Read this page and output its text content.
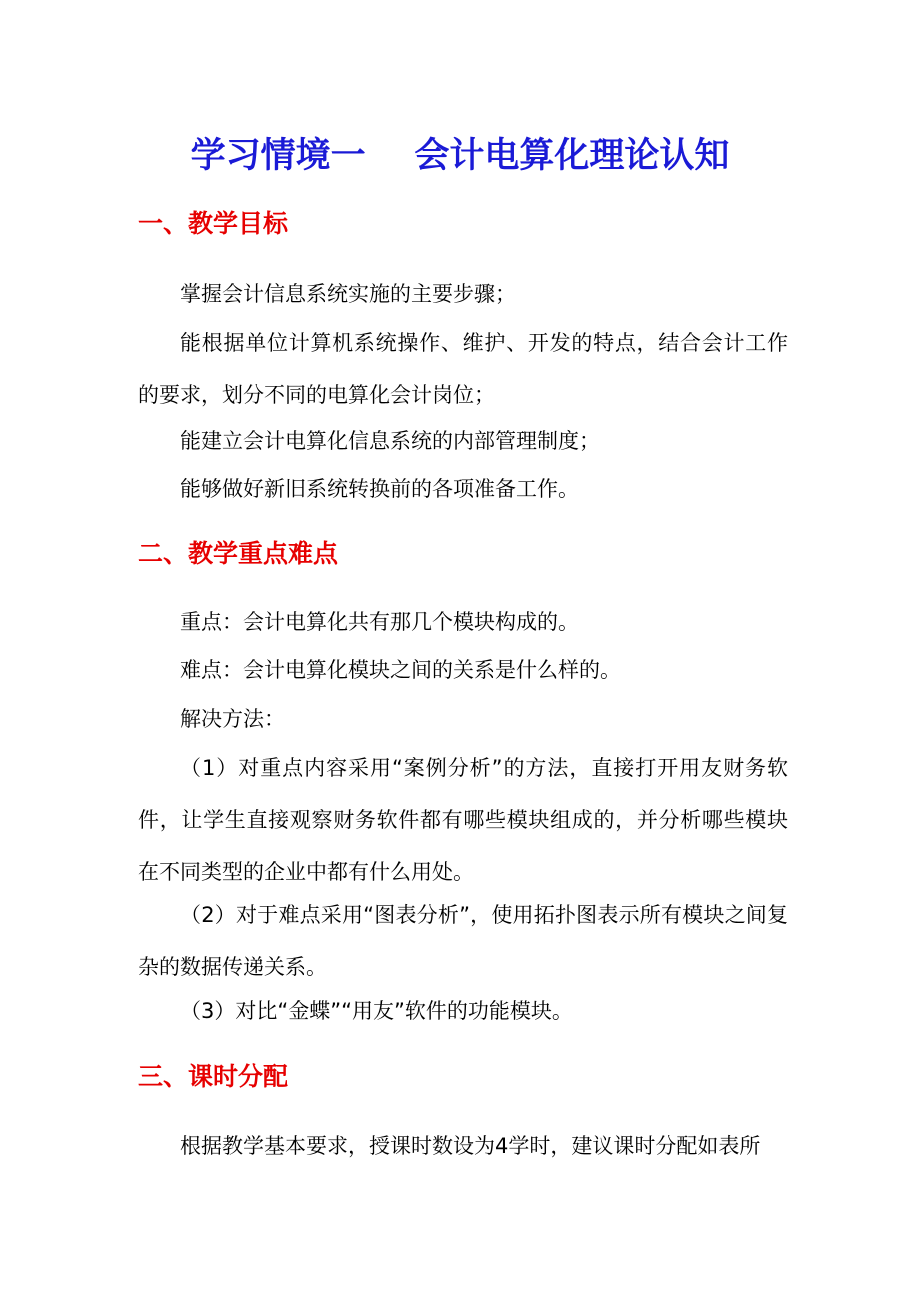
学习情境一    会计电算化理论认知
一、教学目标

掌握会计信息系统实施的主要步骤；

能根据单位计算机系统操作、维护、开发的特点，结合会计工作的要求，划分不同的电算化会计岗位；

能建立会计电算化信息系统的内部管理制度；

能够做好新旧系统转换前的各项准备工作。

二、教学重点难点

重点：会计电算化共有那几个模块构成的。

难点：会计电算化模块之间的关系是什么样的。

解决方法：

（1）对重点内容采用“案例分析”的方法，直接打开用友财务软件，让学生直接观察财务软件都有哪些模块组成的，并分析哪些模块在不同类型的企业中都有什么用处。

（2）对于难点采用“图表分析”，使用拓扑图表示所有模块之间复杂的数据传递关系。

（3）对比“金蝶”“用友”软件的功能模块。

三、课时分配

根据教学基本要求，授课时数设为4学时，建议课时分配如表所
